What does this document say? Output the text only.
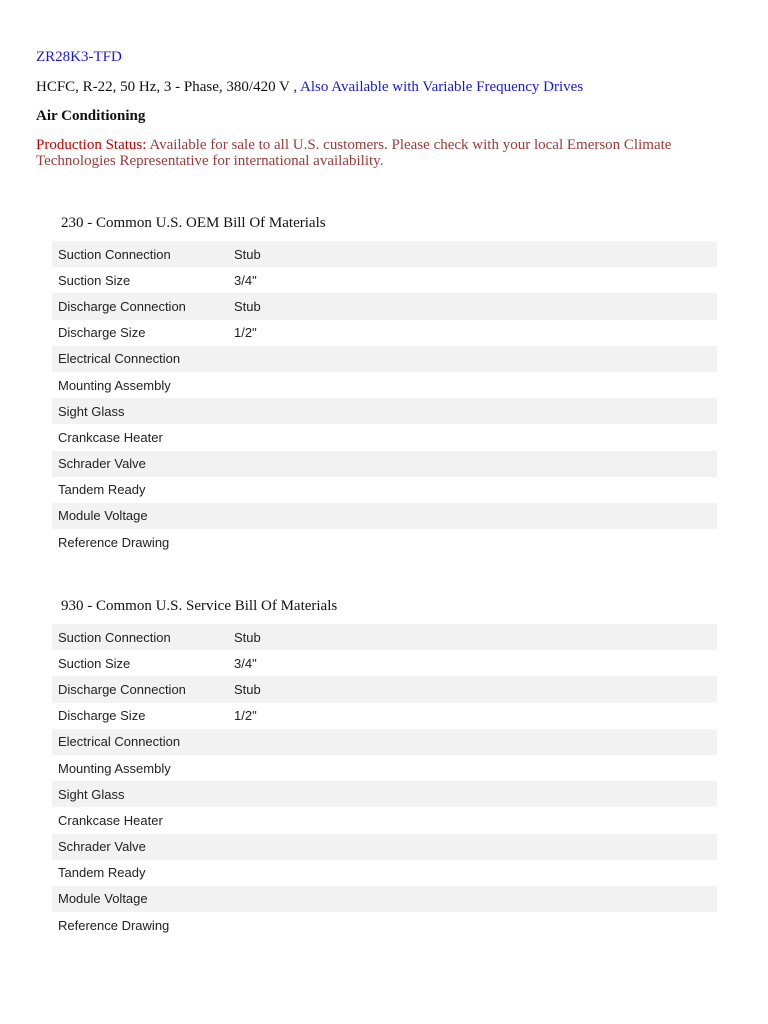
ZR28K3-TFD
HCFC, R-22, 50 Hz, 3 - Phase, 380/420 V , Also Available with Variable Frequency Drives
Air Conditioning
Production Status: Available for sale to all U.S. customers. Please check with your local Emerson Climate Technologies Representative for international availability.
230 - Common U.S. OEM Bill Of Materials
Suction Connection	Stub
Suction Size	3/4"
Discharge Connection	Stub
Discharge Size	1/2"
Electrical Connection
Mounting Assembly
Sight Glass
Crankcase Heater
Schrader Valve
Tandem Ready
Module Voltage
Reference Drawing
930 - Common U.S. Service Bill Of Materials
Suction Connection	Stub
Suction Size	3/4"
Discharge Connection	Stub
Discharge Size	1/2"
Electrical Connection
Mounting Assembly
Sight Glass
Crankcase Heater
Schrader Valve
Tandem Ready
Module Voltage
Reference Drawing
